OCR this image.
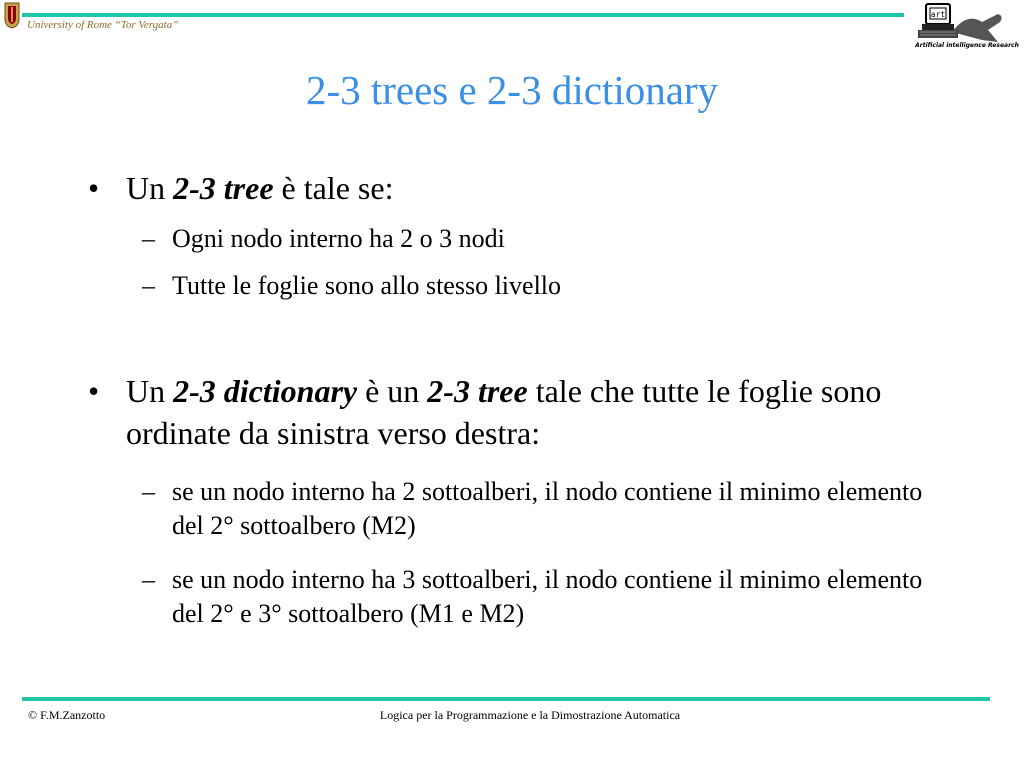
University of Rome “Tor Vergata”
art
Artificial intelligence Research
2-3 trees e 2-3 dictionary
• Un 2-3 tree è tale se:
– Ogni nodo interno ha 2 o 3 nodi
– Tutte le foglie sono allo stesso livello
• Un 2-3 dictionary è un 2-3 tree tale che tutte le foglie sono ordinate da sinistra verso destra:
– se un nodo interno ha 2 sottoalberi, il nodo contiene il minimo elemento del 2° sottoalbero (M2)
– se un nodo interno ha 3 sottoalberi, il nodo contiene il minimo elemento del 2° e 3° sottoalbero (M1 e M2)
© F.M.Zanzotto	Logica per la Programmazione e la Dimostrazione Automatica
